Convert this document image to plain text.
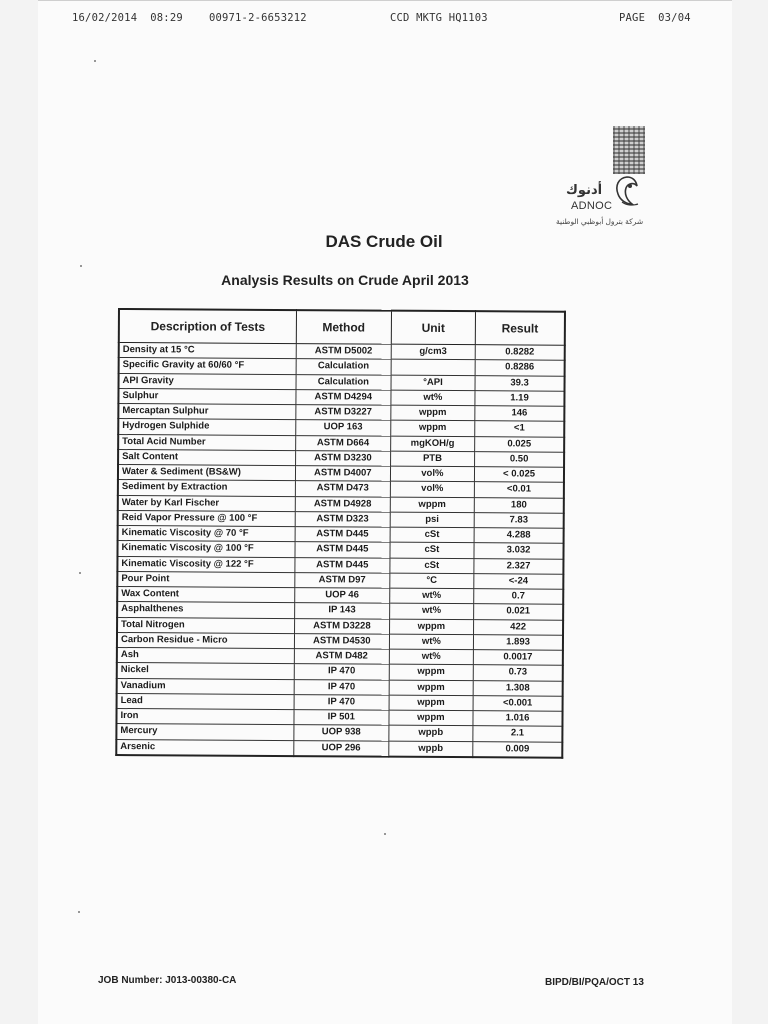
16/02/2014  08:29    00971-2-6653212	CCD MKTG HQ1103	PAGE  03/04
أدنوك
ADNOC
شركة بترول أبوظبي الوطنية
DAS Crude Oil
Analysis Results on Crude April 2013
Description of Tests	Method	Unit	Result
Density at 15 °C	ASTM D5002	g/cm3	0.8282
Specific Gravity at 60/60 °F	Calculation		0.8286
API Gravity	Calculation	°API	39.3
Sulphur	ASTM D4294	wt%	1.19
Mercaptan Sulphur	ASTM D3227	wppm	146
Hydrogen Sulphide	UOP 163	wppm	<1
Total Acid Number	ASTM D664	mgKOH/g	0.025
Salt Content	ASTM D3230	PTB	0.50
Water & Sediment (BS&W)	ASTM D4007	vol%	< 0.025
Sediment by Extraction	ASTM D473	vol%	<0.01
Water by Karl Fischer	ASTM D4928	wppm	180
Reid Vapor Pressure @ 100 °F	ASTM D323	psi	7.83
Kinematic Viscosity @ 70 °F	ASTM D445	cSt	4.288
Kinematic Viscosity @ 100 °F	ASTM D445	cSt	3.032
Kinematic Viscosity @ 122 °F	ASTM D445	cSt	2.327
Pour Point	ASTM D97	°C	<-24
Wax Content	UOP 46	wt%	0.7
Asphalthenes	IP 143	wt%	0.021
Total Nitrogen	ASTM D3228	wppm	422
Carbon Residue - Micro	ASTM D4530	wt%	1.893
Ash	ASTM D482	wt%	0.0017
Nickel	IP 470	wppm	0.73
Vanadium	IP 470	wppm	1.308
Lead	IP 470	wppm	<0.001
Iron	IP 501	wppm	1.016
Mercury	UOP 938	wppb	2.1
Arsenic	UOP 296	wppb	0.009
JOB Number: J013-00380-CA	BIPD/BI/PQA/OCT 13
